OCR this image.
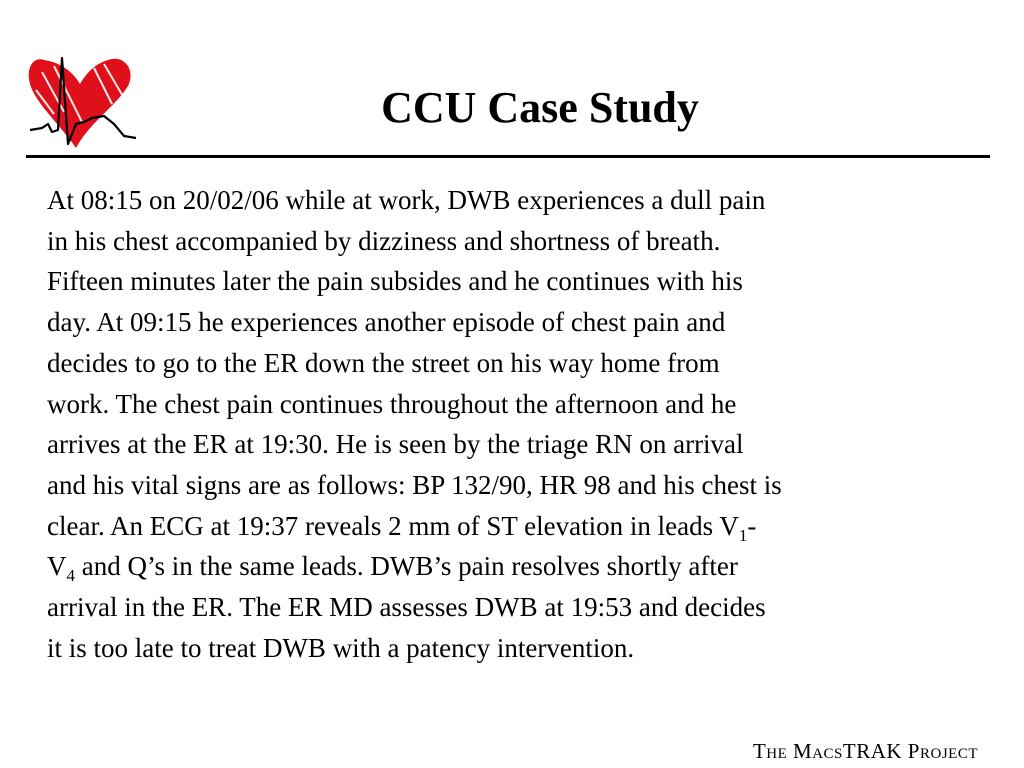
CCU Case Study
At 08:15 on 20/02/06 while at work, DWB experiences a dull pain
in his chest accompanied by dizziness and shortness of breath.
Fifteen minutes later the pain subsides and he continues with his
day. At 09:15 he experiences another episode of chest pain and
decides to go to the ER down the street on his way home from
work. The chest pain continues throughout the afternoon and he
arrives at the ER at 19:30. He is seen by the triage RN on arrival
and his vital signs are as follows: BP 132/90, HR 98 and his chest is
clear. An ECG at 19:37 reveals 2 mm of ST elevation in leads $V_1-$
$V_4$ and Q’s in the same leads. DWB’s pain resolves shortly after
arrival in the ER. The ER MD assesses DWB at 19:53 and decides
it is too late to treat DWB with a patency intervention.
The MacsTRAK Project
